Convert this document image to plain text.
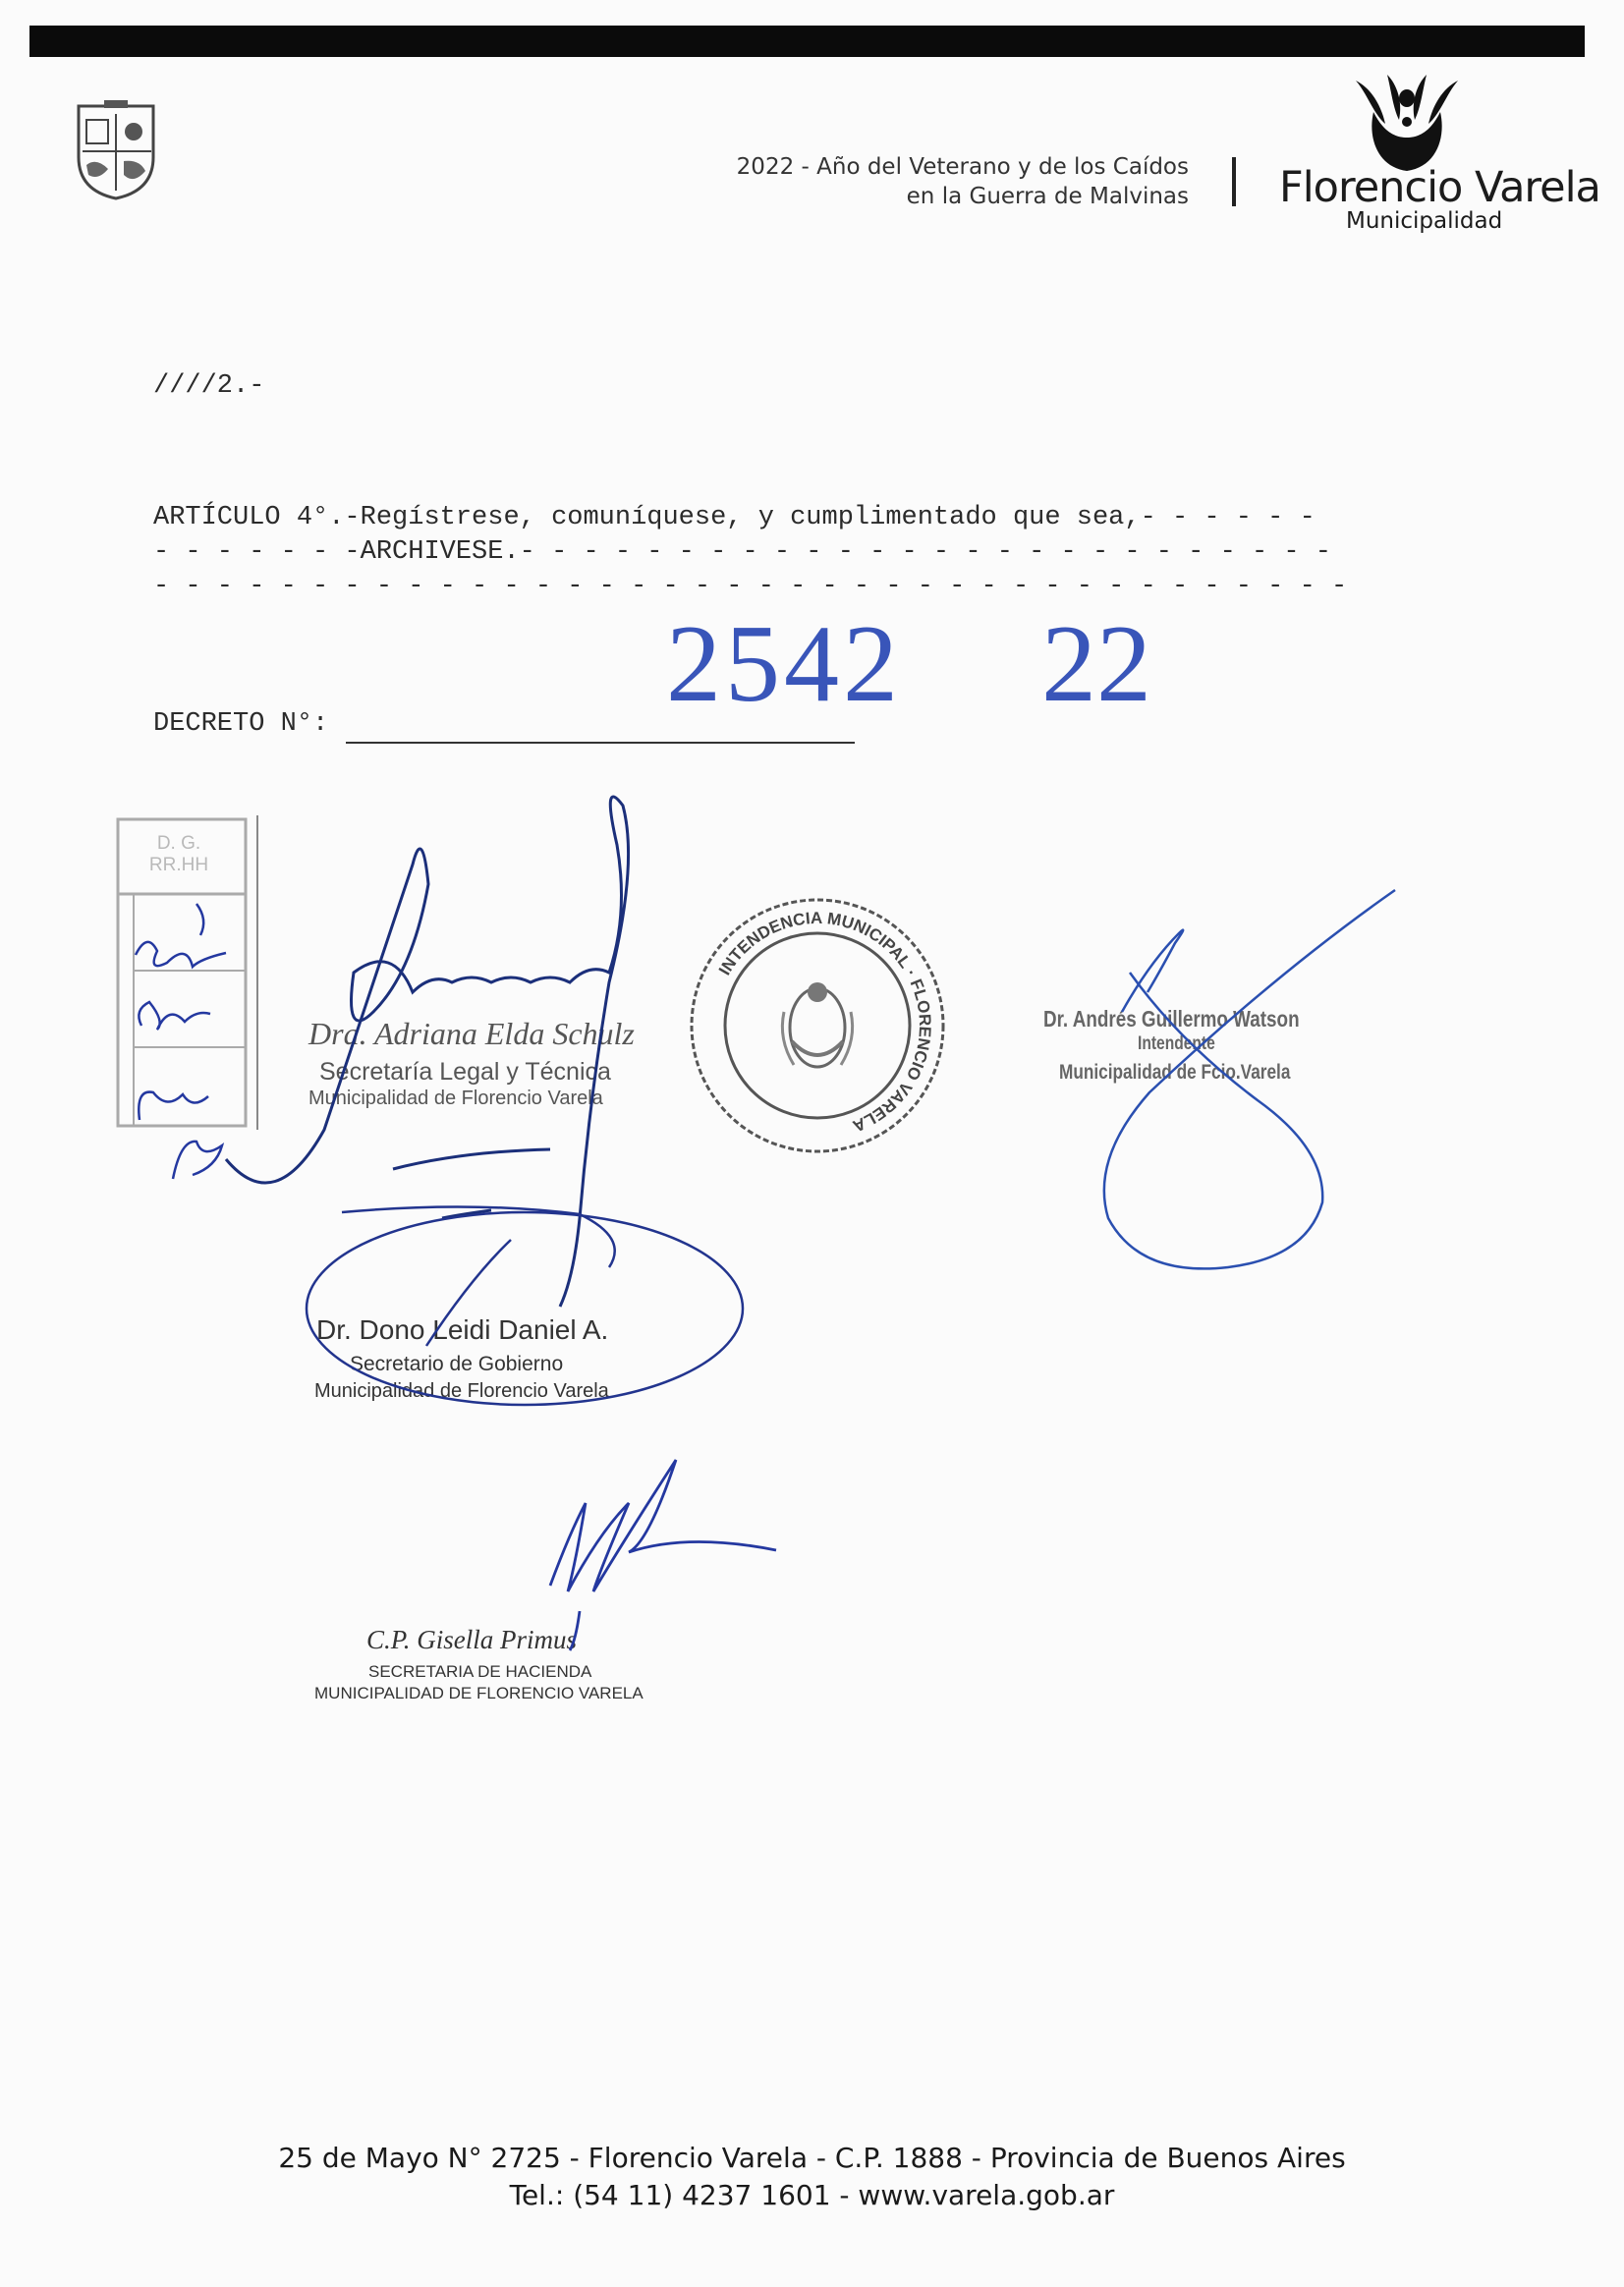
2022 - Año del Veterano y de los Caídos
en la Guerra de Malvinas Florencio Varela
Municipalidad
////2.-
ARTÍCULO 4°.-Regístrese, comuníquese, y cumplimentado que sea,- - - - - -
- - - - - - -ARCHIVESE.- - - - - - - - - - - - - - - - - - - - - - - - - -
- - - - - - - - - - - - - - - - - - - - - - - - - - - - - - - - - - - - - -
DECRETO N°:	2542 22
D. G.
RR.HH
Dra. Adriana Elda Schulz
Secretaría Legal y Técnica
Municipalidad de Florencio Varela
INTENDENCIA MUNICIPAL · FLORENCIO VARELA
Dr. Andrés Guillermo Watson
Intendente
Municipalidad de Fcio.Varela
Dr. Dono Leidi Daniel A.
Secretario de Gobierno
Municipalidad de Florencio Varela
C.P. Gisella Primus
SECRETARIA DE HACIENDA
MUNICIPALIDAD DE FLORENCIO VARELA
25 de Mayo N° 2725 - Florencio Varela - C.P. 1888 - Provincia de Buenos Aires
Tel.: (54 11) 4237 1601 - www.varela.gob.ar
